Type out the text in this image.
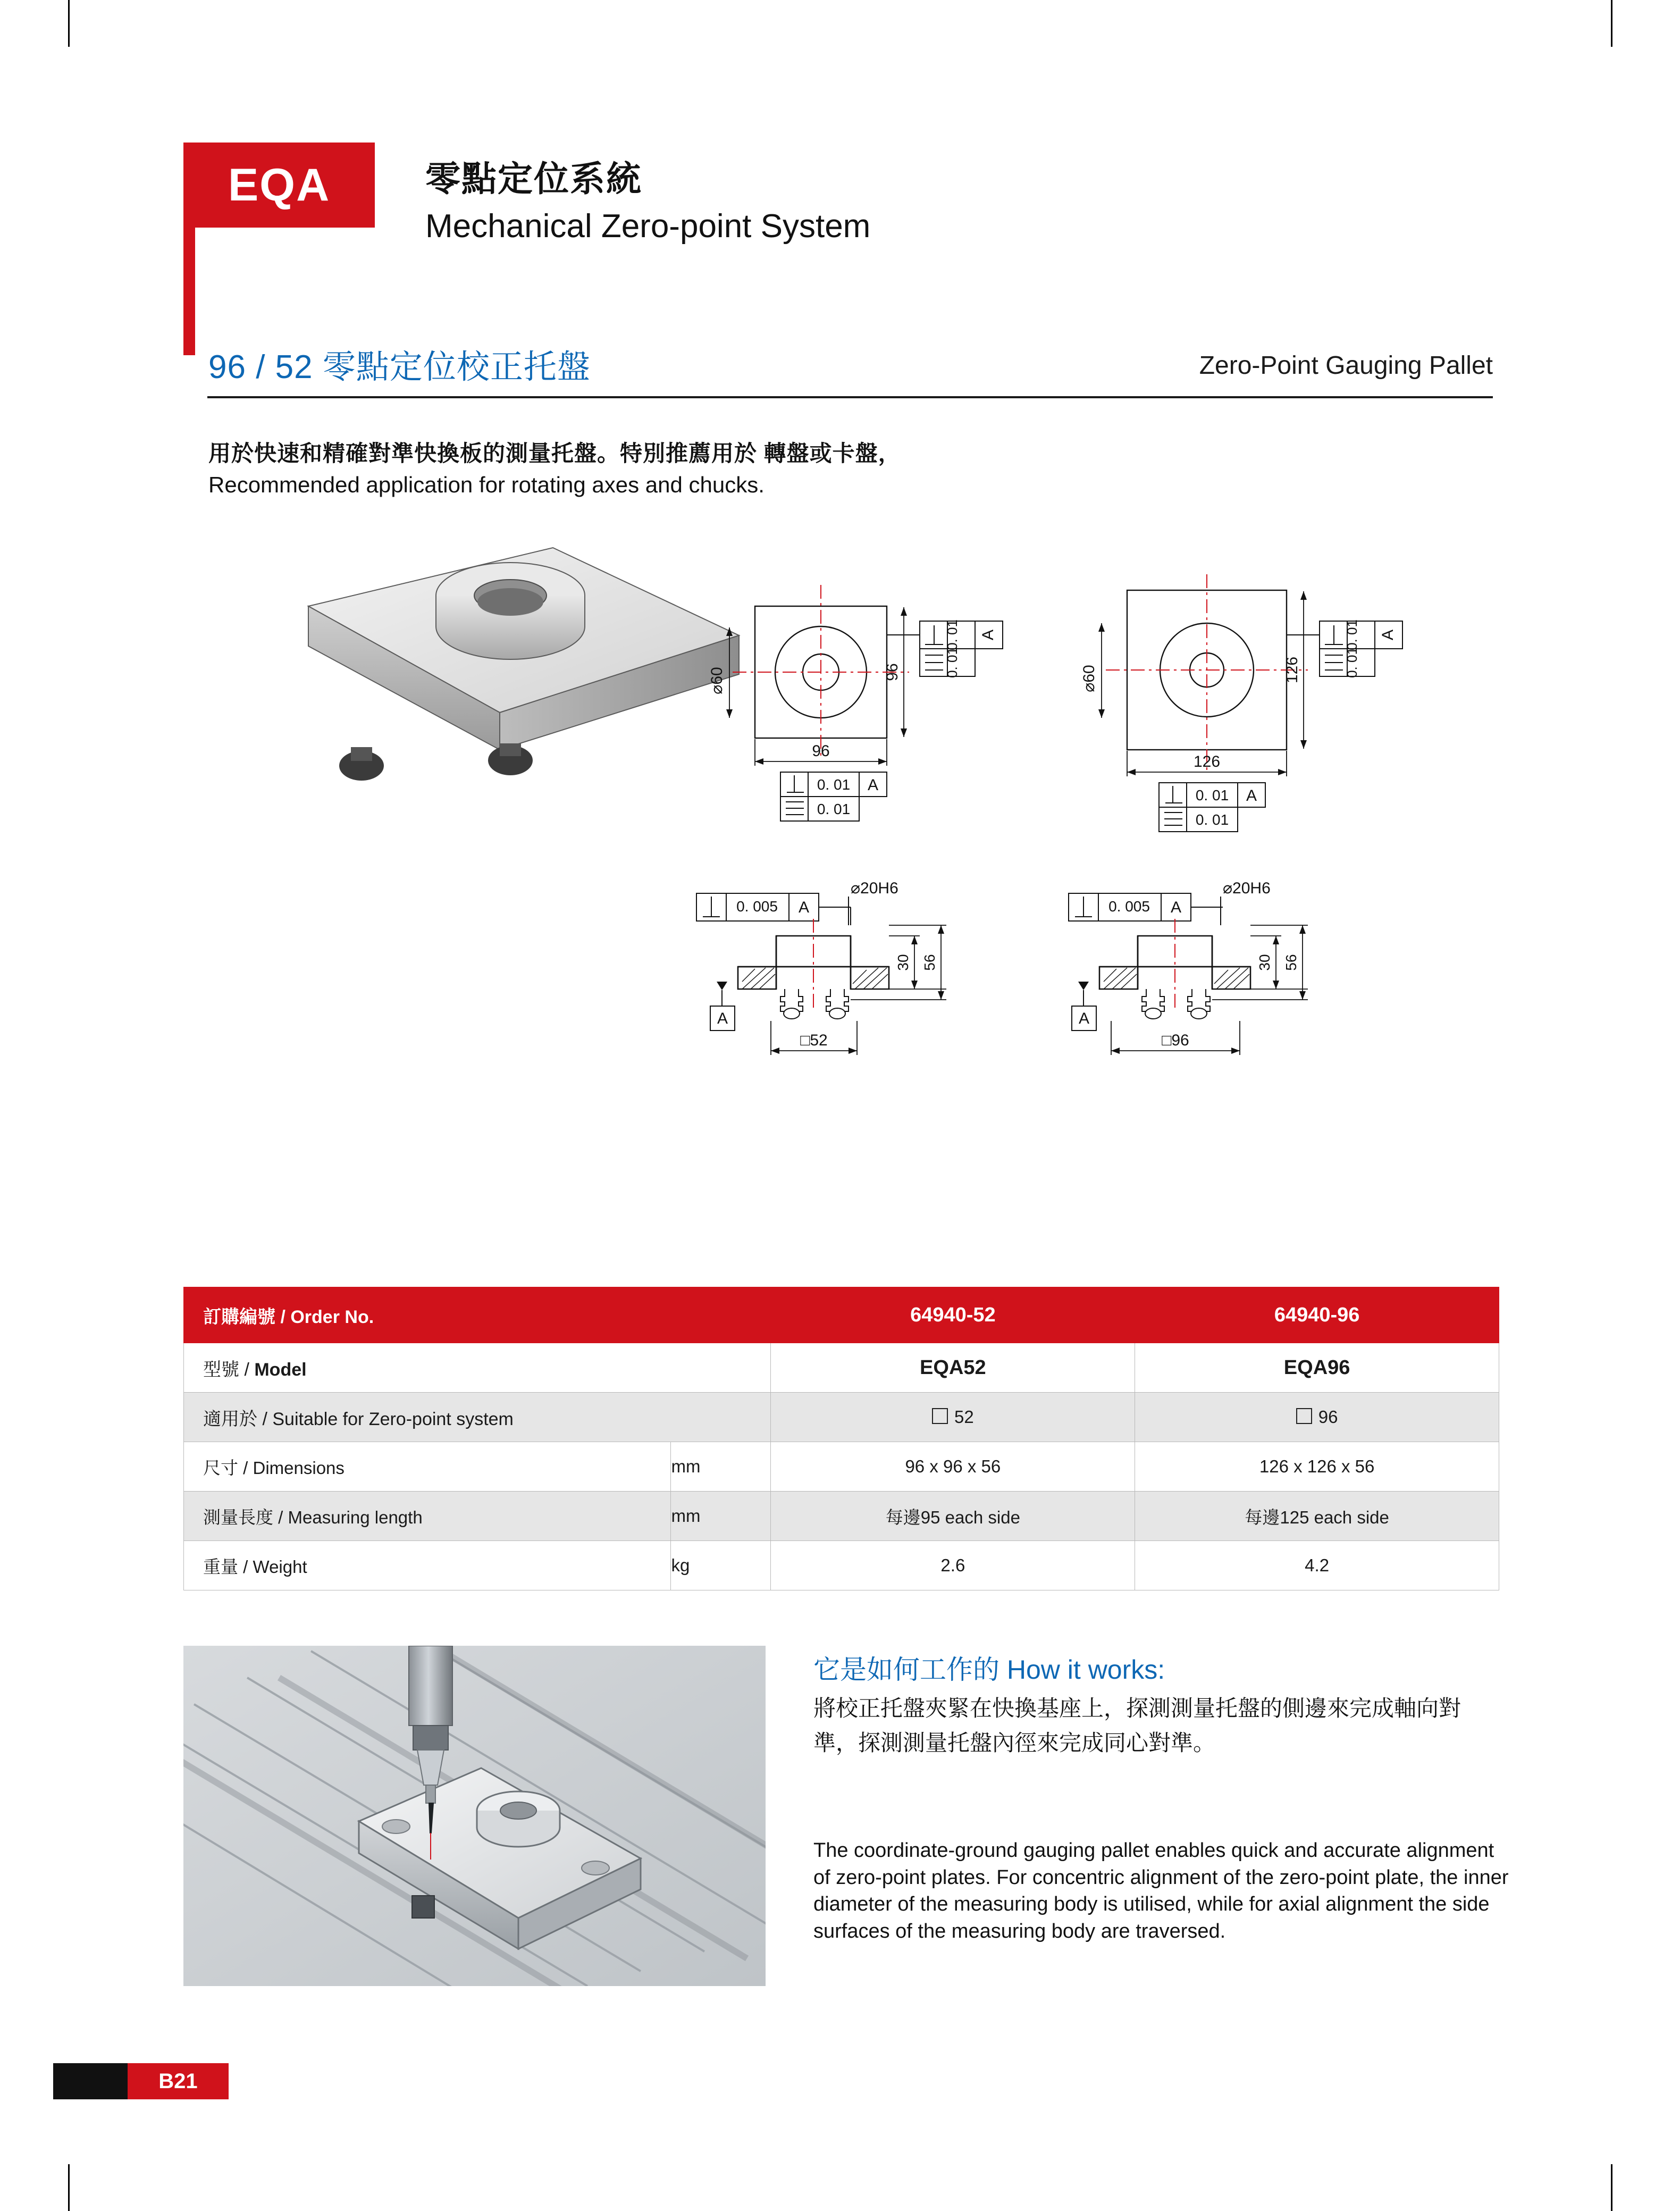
EQA	零點定位系統
Mechanical Zero-point System
96 / 52 零點定位校正托盤	Zero-Point Gauging Pallet
用於快速和精確對準快換板的測量托盤。特別推薦用於 轉盤或卡盤，
Recommended application for rotating axes and chucks.
⌀60	96
0. 01
0. 01
A
96
0. 01
0. 01
A
⌀60	126
0. 01
0. 01
A
126
0. 01
0. 01
A
0. 005 A
⌀20H6
A
30 56
□52
0. 005 A
⌀20H6
A
30 56
□96
訂購編號 / Order No.		64940-52	64940-96

型號 / Model		EQA52	EQA96

適用於 / Suitable for Zero-point system		52	96
尺寸 / Dimensions	mm	96 x 96 x 56	126 x 126 x 56
測量長度 / Measuring length	mm	每邊95 each side	每邊125 each side
重量 / Weight	kg	2.6	4.2
它是如何工作的 How it works:
將校正托盤夾緊在快換基座上，探測測量托盤的側邊來完成軸向對準，探測測量托盤內徑來完成同心對準。
The coordinate-ground gauging pallet enables quick and accurate alignment of zero-point plates. For concentric alignment of the zero-point plate, the inner diameter of the measuring body is utilised, while for axial alignment the side surfaces of the measuring body are traversed.
B21
